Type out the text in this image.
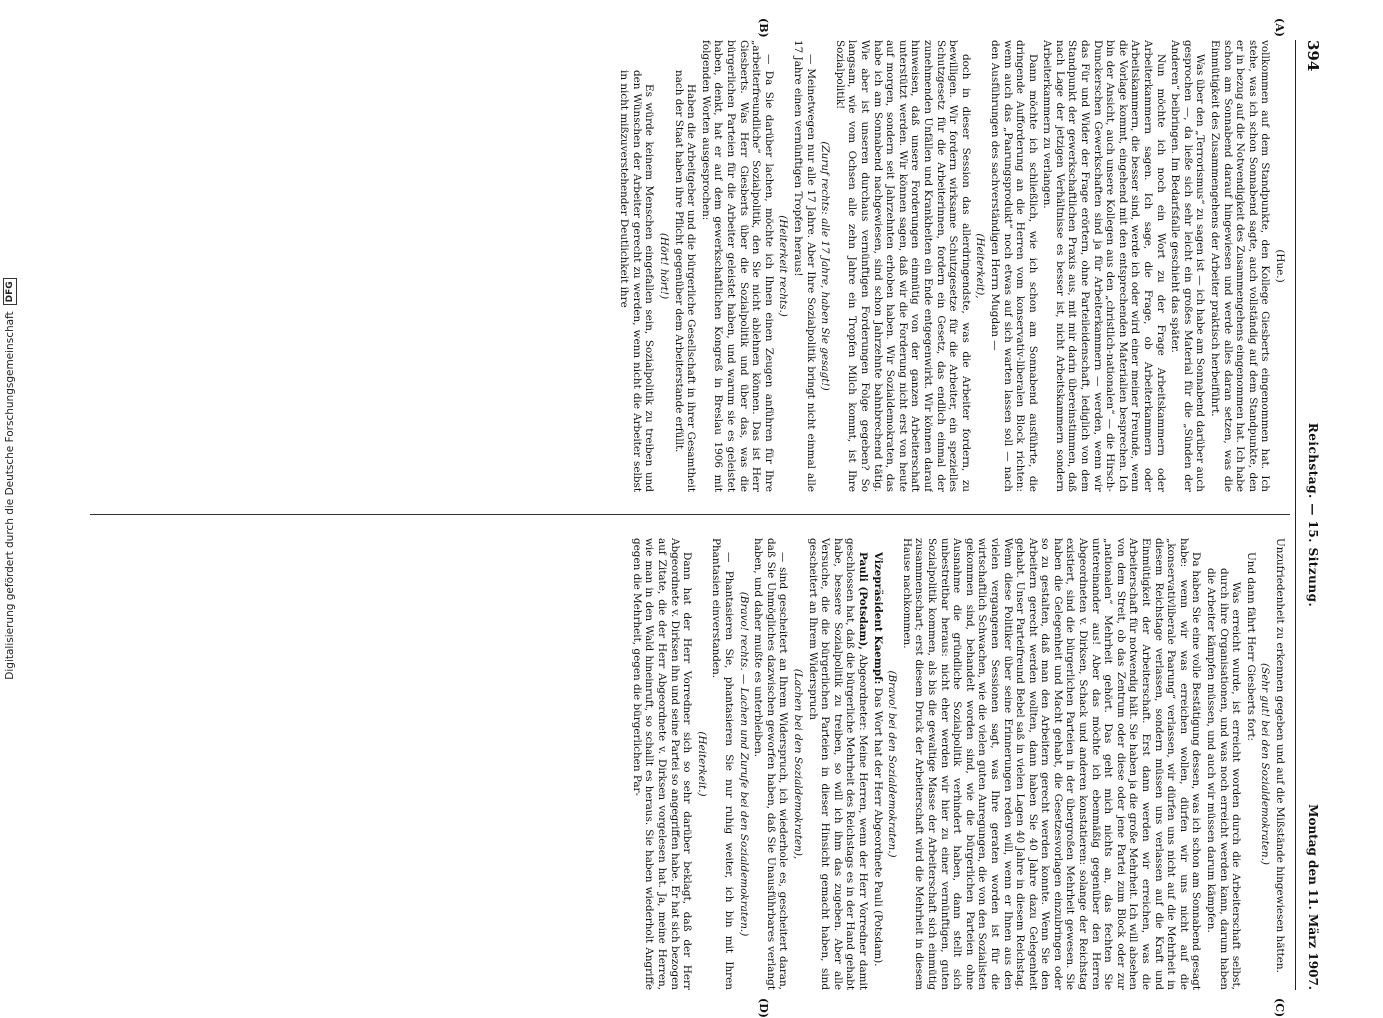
Digitalisierung gefördert durch die Deutsche Forschungsgemeinschaft
DFG
394
Reichstag. — 15. Sitzung.
Montag den 11. März 1907.
(A)
(B)
(C)
(D)

(Hue.)

vollkommen auf dem Standpunkte, den Kollege Giesberts eingenommen hat. Ich stehe, was ich schon Sonnabend sagte, auch vollständig auf dem Standpunkte, den er in bezug auf die Notwendigkeit des Zusammengehens eingenommen hat. Ich habe schon am Sonnabend darauf hingewiesen und werde alles daran setzen, was die Einmütigkeit des Zusammengehens der Arbeiter praktisch herbeiführt.

Was über den „Terrorismus“ zu sagen ist — ich habe am Sonnabend darüber auch gesprochen —, da ließe sich sehr leicht ein großes Material für die „Sünden der Anderen“ beibringen. Im Bedarfsfalle geschieht das später.

Nun möchte ich noch ein Wort zu der Frage Arbeitskammern oder Arbeiterkammern sagen. Ich sage, die Frage, ob Arbeiterkammern oder Arbeitskammern, die besser sind, werde ich oder wird einer meiner Freunde, wenn die Vorlage kommt, eingehend mit den entsprechenden Materialien besprechen. Ich bin der Ansicht, auch unsere Kollegen aus den „christlich-nationalen“ — die Hirsch-Dunckerschen Gewerkschaften sind ja für Arbeiterkammern — werden, wenn wir das Für und Wider der Frage erörtern, ohne Parteileidenschaft, lediglich von dem Standpunkt der gewerkschaftlichen Praxis aus, mit mir darin übereinstimmen, daß nach Lage der jetzigen Verhältnisse es besser ist, nicht Arbeitskammern sondern Arbeiterkammern zu verlangen.

Dann möchte ich schließlich, wie ich schon am Sonnabend ausführte, die dringende Aufforderung an die Herren vom konservativ-liberalen Block richten: wenn auch das „Paarungsprodukt“ noch etwas auf sich warten lassen soll — nach den Ausführungen des sachverständigen Herrn Mugdan —

(Heiterkeit),

doch in dieser Session das allerdringendste, was die Arbeiter fordern, zu bewilligen. Wir fordern wirksame Schutzgesetze für die Arbeiter, ein spezielles Schutzgesetz für die Arbeiterinnen, fordern ein Gesetz, das endlich einmal der zunehmenden Unfällen und Krankheiten ein Ende entgegenwirkt. Wir können darauf hinweisen, daß unsere Forderungen einmütig von der ganzen Arbeiterschaft unterstützt werden. Wir können sagen, daß wir die Forderung nicht erst von heute auf morgen, sondern seit Jahrzehnten erhoben haben. Wir Sozialdemokraten, das habe ich am Sonnabend nachgewiesen, sind schon Jahrzehnte bahnbrechend tätig. Wie aber ist unseren durchaus vernünftigen Forderungen Folge gegeben? So langsam, wie vom Ochsen alle zehn Jahre ein Tropfen Milch kommt, ist Ihre Sozialpolitik!

(Zuruf rechts: alle 17 Jahre, haben Sie gesagt!)

— Meinetwegen nur alle 17 Jahre. Aber Ihre Sozialpolitik bringt nicht einmal alle 17 Jahre einen vernünftigen Tropfen heraus!

(Heiterkeit rechts.)

— Da Sie darüber lachen, möchte ich Ihnen einen Zeugen anführen für Ihre „arbeiterfreundliche“ Sozialpolitik, den Sie nicht ablehnen können. Das ist Herr Giesberts. Was Herr Giesberts über die Sozialpolitik und über das, was die bürgerlichen Parteien für die Arbeiter geleistet haben, und warum sie es geleistet haben, denkt, hat er auf dem gewerkschaftlichen Kongreß in Breslau 1906 mit folgenden Worten ausgesprochen:

Haben die Arbeitgeber und die bürgerliche Gesellschaft in ihrer Gesamtheit nach der Staat haben ihre Pflicht gegenüber dem Arbeiterstande erfüllt.

(Hört! hört!)

Es würde keinem Menschen eingefallen sein, Sozialpolitik zu treiben und den Wünschen der Arbeiter gerecht zu werden, wenn nicht die Arbeiter selbst in nicht mißzuverstehender Deutlichkeit ihre

Unzufriedenheit zu erkennen gegeben und auf die Mißstände hingewiesen hätten.

(Sehr gut! bei den Sozialdemokraten.)

Und dann fährt Herr Giesberts fort:

Was erreicht wurde, ist erreicht worden durch die Arbeiterschaft selbst, durch ihre Organisationen, und was noch erreicht werden kann, darum haben die Arbeiter kämpfen müssen, und auch wir müssen darum kämpfen.

Da haben Sie eine volle Bestätigung dessen, was ich schon am Sonnabend gesagt habe: wenn wir was erreichen wollen, dürfen wir uns nicht auf die „konservativliberale Paarung“ verlassen, wir dürfen uns nicht auf die Mehrheit in diesem Reichstage verlassen, sondern müssen uns verlassen auf die Kraft und Einmütigkeit der Arbeiterschaft. Erst dann werden wir erreichen, was die Arbeiterschaft für notwendig hält. Sie haben ja die große Mehrheit. Ich will absehen von dem Streit, ob das Zentrum oder diese oder jene Partei zum Block oder zur „nationalen“ Mehrheit gehört. Das geht mich nichts an, das fechten Sie untereinander aus! Aber das möchte ich ebenmäßig gegenüber den Herren Abgeordneten v. Dirksen, Schack und anderen konstatieren: solange der Reichstag existiert, sind die bürgerlichen Parteien in der übergroßen Mehrheit gewesen. Sie haben die Gelegenheit und Macht gehabt, die Gesetzesvorlagen einzubringen oder so zu gestalten, daß man den Arbeitern gerecht werden konnte. Wenn Sie den Arbeitern gerecht werden wollten, dann haben Sie 40 Jahre dazu Gelegenheit gehabt. Unser Parteifreund Bebel saß in vielen Lagen 40 Jahre in diesem Reichstag. Wenn diese Politiker über seine Erinnerungen reden will, wenn er Ihnen aus den vielen vergangenen Sessionen sagt, was Ihre geraten worden ist für die wirtschaftlich Schwachen, wie die vielen guten Anregungen, die von den Sozialisten gekommen sind, behandelt worden sind, wie die bürgerlichen Parteien ohne Ausnahme die gründliche Sozialpolitik verhindert haben, dann stellt sich unbestreitbar heraus: nicht eher werden wir hier zu einer vernünftigen, guten Sozialpolitik kommen, als bis die gewaltige Masse der Arbeiterschaft sich einmütig zusammenschart; erst diesem Druck der Arbeiterschaft wird die Mehrheit in diesem Hause nachkommen.

(Bravo! bei den Sozialdemokraten.)

Vizepräsident Kaempf: Das Wort hat der Herr Abgeordnete Pauli (Potsdam).

Pauli (Potsdam), Abgeordneter: Meine Herren, wenn der Herr Vorredner damit geschlossen hat, daß die bürgerliche Mehrheit des Reichstags es in der Hand gehabt habe, bessere Sozialpolitik zu treiben, so will ich ihm das zugeben. Aber alle Versuche, die die bürgerlichen Parteien in dieser Hinsicht gemacht haben, sind gescheitert an Ihrem Widerspruch

(Lachen bei den Sozialdemokraten),

— sind gescheitert an Ihrem Widerspruch, ich wiederhole es, gescheitert daran, daß Sie Unmögliches dazwischen geworfen haben, daß Sie Unausführbares verlangt haben, und daher mußte es unterbleiben.

(Bravo! rechts. — Lachen und Zurufe bei den Sozialdemokraten.)

— Phantasieren Sie, phantasieren Sie nur ruhig weiter, ich bin mit Ihren Phantasien einverstanden.

(Heiterkeit.)

Dann hat der Herr Vorredner sich so sehr darüber beklagt, daß der Herr Abgeordnete v. Dirksen ihn und seine Partei so angegriffen habe. Er hat sich bezogen auf Zitate, die der Herr Abgeordnete v. Dirksen vorgelesen hat. Ja, meine Herren, wie man in den Wald hineinruft, so schallt es heraus. Sie haben wiederholt Angriffe gegen die Mehrheit, gegen die bürgerlichen Par-
